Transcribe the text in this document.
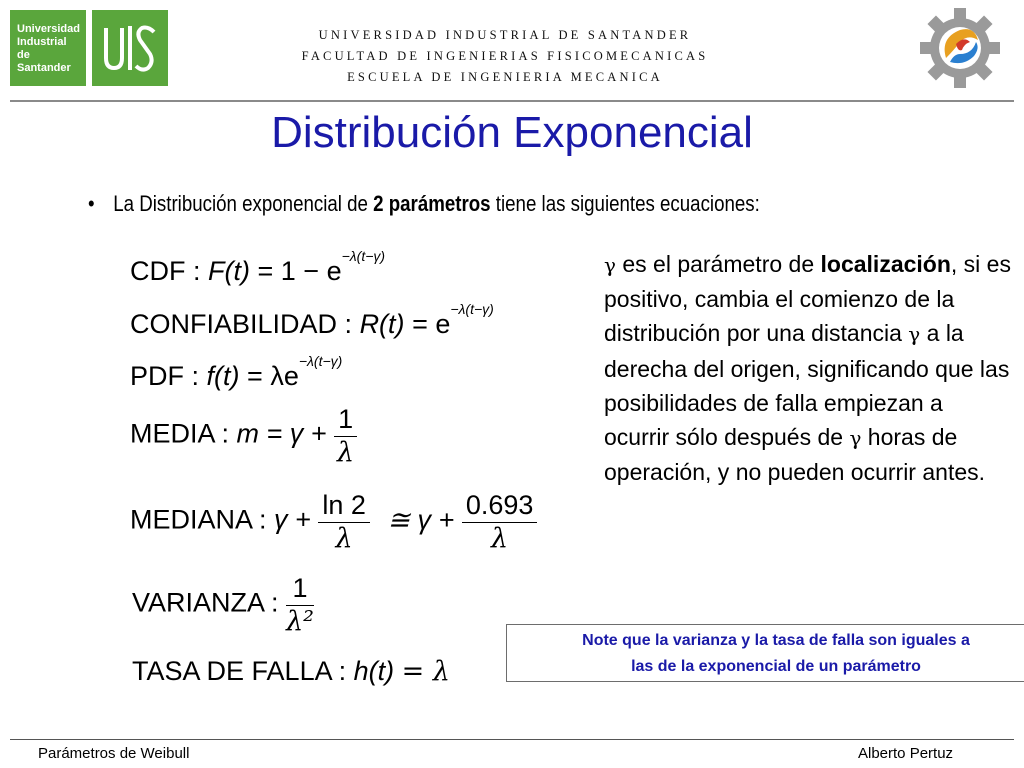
Universidad Industrial de Santander
UNIVERSIDAD INDUSTRIAL DE SANTANDER
FACULTAD DE INGENIERIAS FISICOMECANICAS
ESCUELA DE INGENIERIA MECANICA
Distribución Exponencial
• La Distribución exponencial de 2 parámetros tiene las siguientes ecuaciones:
CDF : $F(t) = 1 - e^{-\lambda(t-\gamma)}$
CONFIABILIDAD : $R(t) = e^{-\lambda(t-\gamma)}$
PDF : $f(t) = \lambda e^{-\lambda(t-\gamma)}$
MEDIA : $m = \gamma + \frac{1}{\lambda}$
MEDIANA : $\gamma + \frac{\ln 2}{\lambda}$ ≅ $\gamma + \frac{0.693}{\lambda}$
VARIANZA : $\frac{1}{\text{λ²}}$
TASA DE FALLA : h(t) = λ
γ es el parámetro de localización, si es positivo, cambia el comienzo de la distribución por una distancia γ a la derecha del origen, significando que las posibilidades de falla empiezan a ocurrir sólo después de γ horas de operación, y no pueden ocurrir antes.
Note que la varianza y la tasa de falla son iguales a
las de la exponencial de un parámetro
Parámetros de Weibull	Alberto Pertuz
